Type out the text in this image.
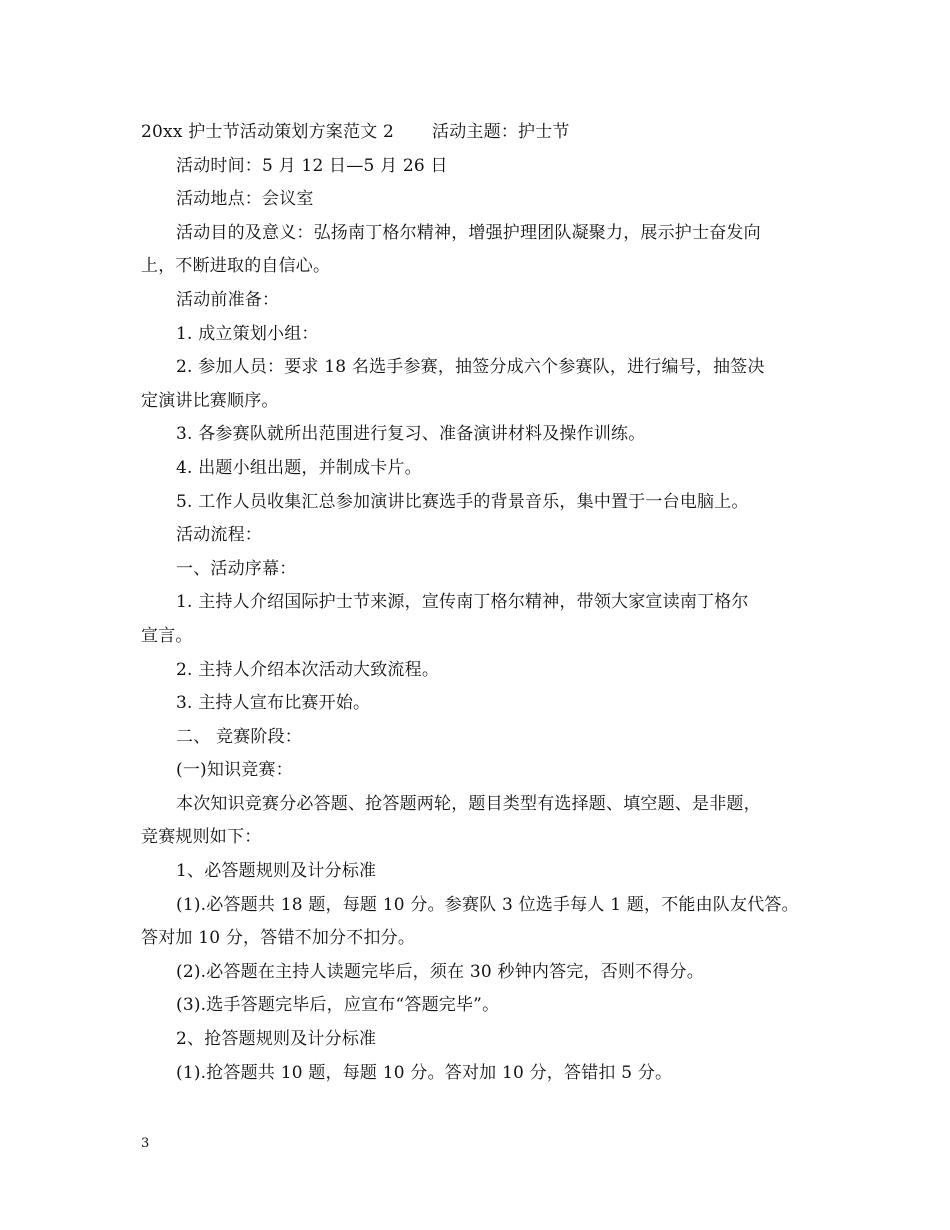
20xx 护士节活动策划方案范文 2 活动主题：护士节
活动时间：5 月 12 日—5 月 26 日
活动地点：会议室
活动目的及意义：弘扬南丁格尔精神，增强护理团队凝聚力，展示护士奋发向
上，不断进取的自信心。
活动前准备：
1. 成立策划小组：
2. 参加人员：要求 18 名选手参赛，抽签分成六个参赛队，进行编号，抽签决
定演讲比赛顺序。
3. 各参赛队就所出范围进行复习、准备演讲材料及操作训练。
4. 出题小组出题，并制成卡片。
5. 工作人员收集汇总参加演讲比赛选手的背景音乐，集中置于一台电脑上。
活动流程：
一、活动序幕：
1. 主持人介绍国际护士节来源，宣传南丁格尔精神，带领大家宣读南丁格尔
宣言。
2. 主持人介绍本次活动大致流程。
3. 主持人宣布比赛开始。
二、 竞赛阶段：
(一)知识竞赛：
本次知识竞赛分必答题、抢答题两轮，题目类型有选择题、填空题、是非题，
竞赛规则如下：
1、必答题规则及计分标准
(1).必答题共 18 题，每题 10 分。参赛队 3 位选手每人 1 题，不能由队友代答。
答对加 10 分，答错不加分不扣分。
(2).必答题在主持人读题完毕后，须在 30 秒钟内答完，否则不得分。
(3).选手答题完毕后，应宣布“答题完毕”。
2、抢答题规则及计分标准
(1).抢答题共 10 题，每题 10 分。答对加 10 分，答错扣 5 分。
3
